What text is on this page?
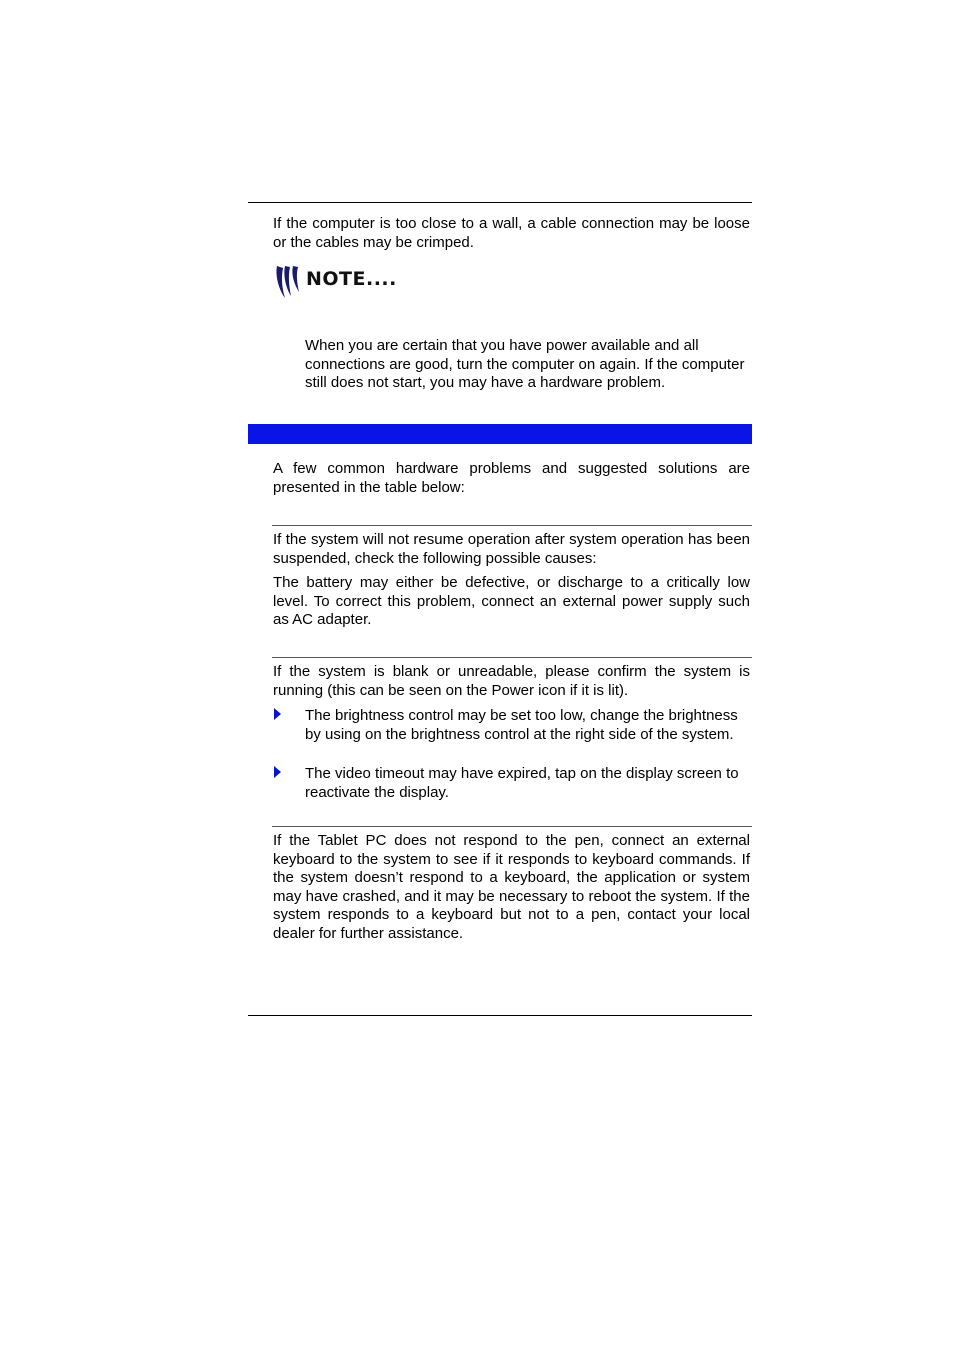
If the computer is too close to a wall, a cable connection may be loose or the cables may be crimped.

NOTE....

When you are certain that you have power available and all connections are good, turn the computer on again. If the computer still does not start, you may have a hardware problem.

A few common hardware problems and suggested solutions are presented in the table below:

If the system will not resume operation after system operation has been suspended, check the following possible causes:

The battery may either be defective, or discharge to a critically low level. To correct this problem, connect an external power supply such as AC adapter.

If the system is blank or unreadable, please confirm the system is running (this can be seen on the Power icon if it is lit).

The brightness control may be set too low, change the brightness by using on the brightness control at the right side of the system.

The video timeout may have expired, tap on the display screen to reactivate the display.

If the Tablet PC does not respond to the pen, connect an external keyboard to the system to see if it responds to keyboard commands. If the system doesn’t respond to a keyboard, the application or system may have crashed, and it may be necessary to reboot the system. If the system responds to a keyboard but not to a pen, contact your local dealer for further assistance.
